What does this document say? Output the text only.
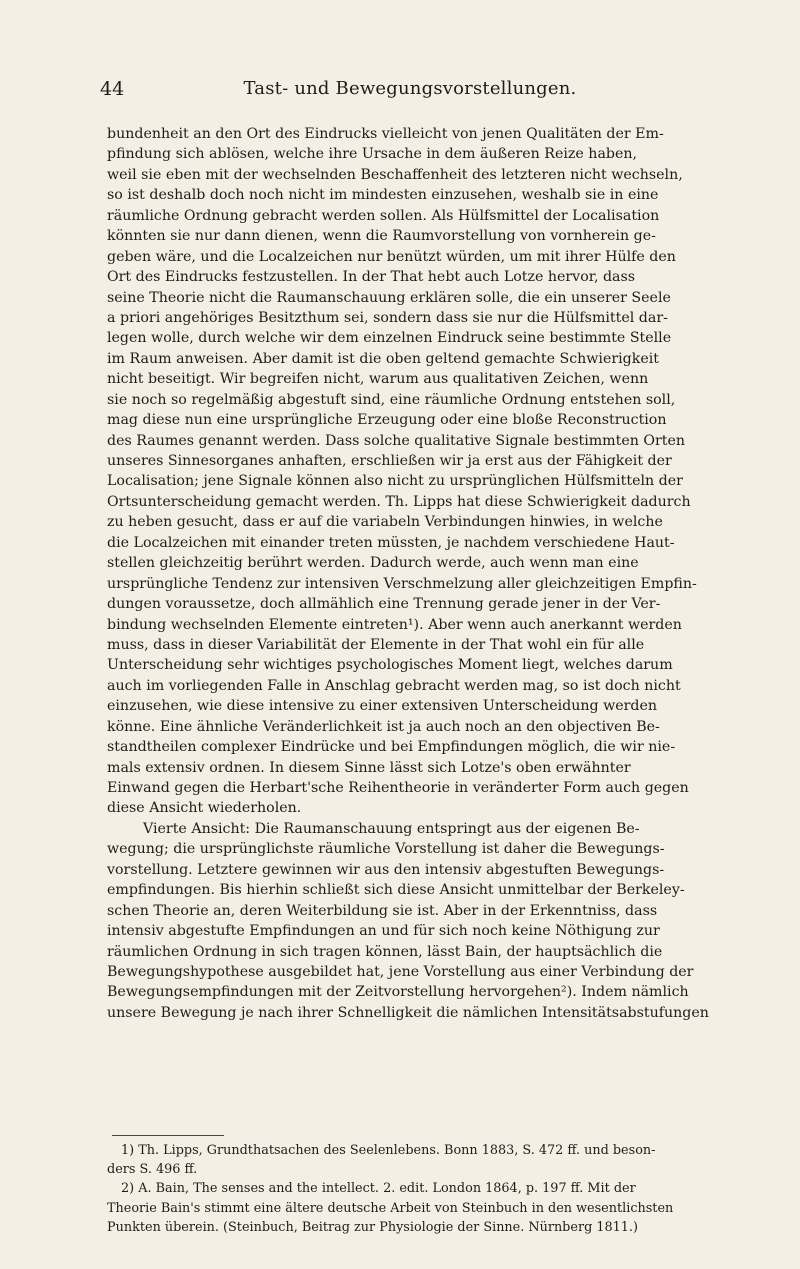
44	Tast- und Bewegungsvorstellungen.
bundenheit an den Ort des Eindrucks vielleicht von jenen Qualitäten der Em-
pfindung sich ablösen, welche ihre Ursache in dem äußeren Reize haben,
weil sie eben mit der wechselnden Beschaffenheit des letzteren nicht wechseln,
so ist deshalb doch noch nicht im mindesten einzusehen, weshalb sie in eine
räumliche Ordnung gebracht werden sollen. Als Hülfsmittel der Localisation
könnten sie nur dann dienen, wenn die Raumvorstellung von vornherein ge-
geben wäre, und die Localzeichen nur benützt würden, um mit ihrer Hülfe den
Ort des Eindrucks festzustellen. In der That hebt auch Lotze hervor, dass
seine Theorie nicht die Raumanschauung erklären solle, die ein unserer Seele
a priori angehöriges Besitzthum sei, sondern dass sie nur die Hülfsmittel dar-
legen wolle, durch welche wir dem einzelnen Eindruck seine bestimmte Stelle
im Raum anweisen. Aber damit ist die oben geltend gemachte Schwierigkeit
nicht beseitigt. Wir begreifen nicht, warum aus qualitativen Zeichen, wenn
sie noch so regelmäßig abgestuft sind, eine räumliche Ordnung entstehen soll,
mag diese nun eine ursprüngliche Erzeugung oder eine bloße Reconstruction
des Raumes genannt werden. Dass solche qualitative Signale bestimmten Orten
unseres Sinnesorganes anhaften, erschließen wir ja erst aus der Fähigkeit der
Localisation; jene Signale können also nicht zu ursprünglichen Hülfsmitteln der
Ortsunterscheidung gemacht werden. Th. Lipps hat diese Schwierigkeit dadurch
zu heben gesucht, dass er auf die variabeln Verbindungen hinwies, in welche
die Localzeichen mit einander treten müssten, je nachdem verschiedene Haut-
stellen gleichzeitig berührt werden. Dadurch werde, auch wenn man eine
ursprüngliche Tendenz zur intensiven Verschmelzung aller gleichzeitigen Empfin-
dungen voraussetze, doch allmählich eine Trennung gerade jener in der Ver-
bindung wechselnden Elemente eintreten¹). Aber wenn auch anerkannt werden
muss, dass in dieser Variabilität der Elemente in der That wohl ein für alle
Unterscheidung sehr wichtiges psychologisches Moment liegt, welches darum
auch im vorliegenden Falle in Anschlag gebracht werden mag, so ist doch nicht
einzusehen, wie diese intensive zu einer extensiven Unterscheidung werden
könne. Eine ähnliche Veränderlichkeit ist ja auch noch an den objectiven Be-
standtheilen complexer Eindrücke und bei Empfindungen möglich, die wir nie-
mals extensiv ordnen. In diesem Sinne lässt sich Lotze's oben erwähnter
Einwand gegen die Herbart'sche Reihentheorie in veränderter Form auch gegen
diese Ansicht wiederholen.
Vierte Ansicht: Die Raumanschauung entspringt aus der eigenen Be-
wegung; die ursprünglichste räumliche Vorstellung ist daher die Bewegungs-
vorstellung. Letztere gewinnen wir aus den intensiv abgestuften Bewegungs-
empfindungen. Bis hierhin schließt sich diese Ansicht unmittelbar der Berkeley-
schen Theorie an, deren Weiterbildung sie ist. Aber in der Erkenntniss, dass
intensiv abgestufte Empfindungen an und für sich noch keine Nöthigung zur
räumlichen Ordnung in sich tragen können, lässt Bain, der hauptsächlich die
Bewegungshypothese ausgebildet hat, jene Vorstellung aus einer Verbindung der
Bewegungsempfindungen mit der Zeitvorstellung hervorgehen²). Indem nämlich
unsere Bewegung je nach ihrer Schnelligkeit die nämlichen Intensitätsabstufungen
1) Th. Lipps, Grundthatsachen des Seelenlebens. Bonn 1883, S. 472 ff. und beson-
ders S. 496 ff.
2) A. Bain, The senses and the intellect. 2. edit. London 1864, p. 197 ff. Mit der
Theorie Bain's stimmt eine ältere deutsche Arbeit von Steinbuch in den wesentlichsten
Punkten überein. (Steinbuch, Beitrag zur Physiologie der Sinne. Nürnberg 1811.)
